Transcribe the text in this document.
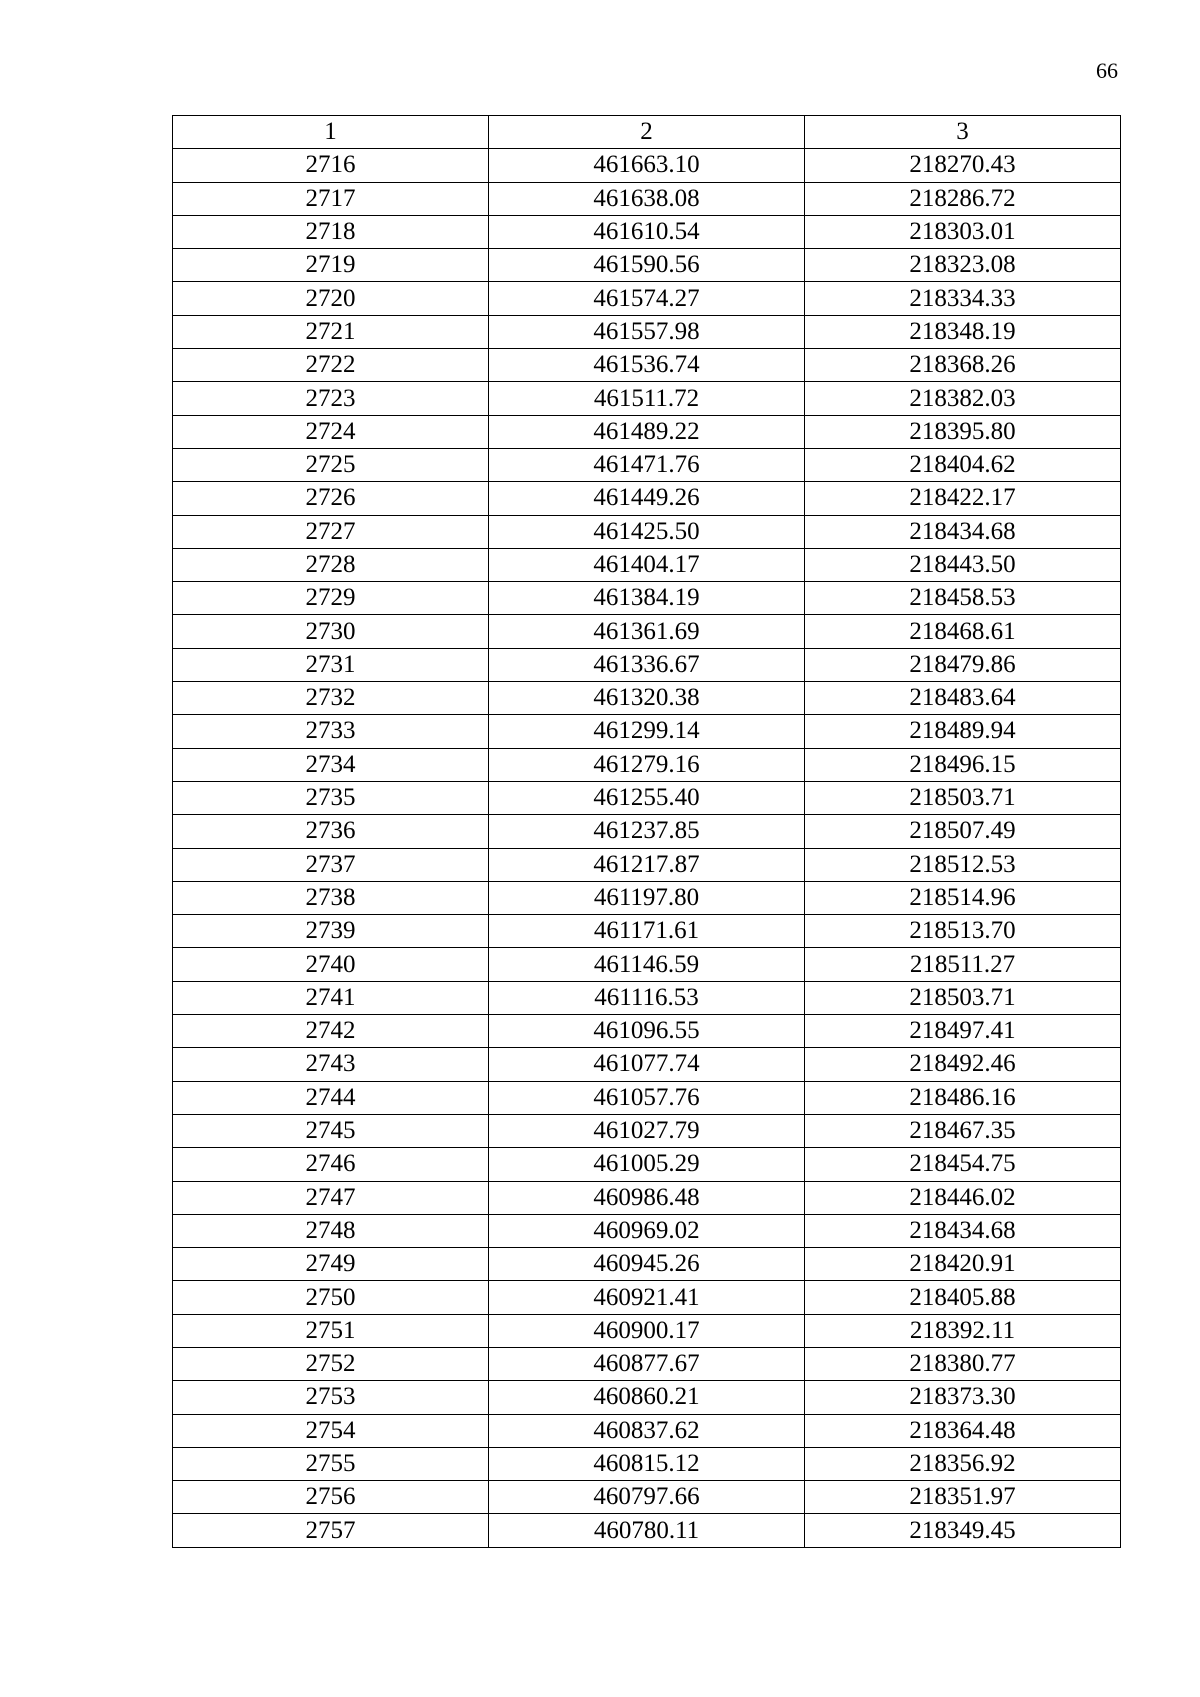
66
1	2	3
2716	461663.10	218270.43
2717	461638.08	218286.72
2718	461610.54	218303.01
2719	461590.56	218323.08
2720	461574.27	218334.33
2721	461557.98	218348.19
2722	461536.74	218368.26
2723	461511.72	218382.03
2724	461489.22	218395.80
2725	461471.76	218404.62
2726	461449.26	218422.17
2727	461425.50	218434.68
2728	461404.17	218443.50
2729	461384.19	218458.53
2730	461361.69	218468.61
2731	461336.67	218479.86
2732	461320.38	218483.64
2733	461299.14	218489.94
2734	461279.16	218496.15
2735	461255.40	218503.71
2736	461237.85	218507.49
2737	461217.87	218512.53
2738	461197.80	218514.96
2739	461171.61	218513.70
2740	461146.59	218511.27
2741	461116.53	218503.71
2742	461096.55	218497.41
2743	461077.74	218492.46
2744	461057.76	218486.16
2745	461027.79	218467.35
2746	461005.29	218454.75
2747	460986.48	218446.02
2748	460969.02	218434.68
2749	460945.26	218420.91
2750	460921.41	218405.88
2751	460900.17	218392.11
2752	460877.67	218380.77
2753	460860.21	218373.30
2754	460837.62	218364.48
2755	460815.12	218356.92
2756	460797.66	218351.97
2757	460780.11	218349.45
